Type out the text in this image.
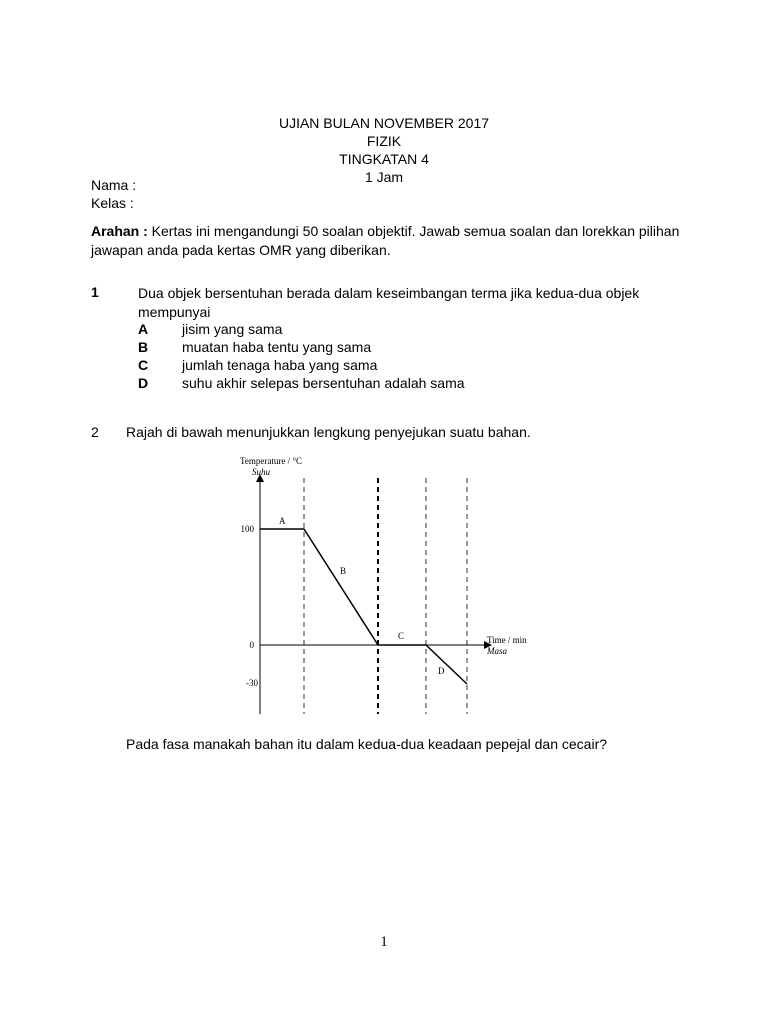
UJIAN BULAN NOVEMBER 2017
FIZIK
TINGKATAN 4
1 Jam
Nama :
Kelas :
Arahan : Kertas ini mengandungi 50 soalan objektif. Jawab semua soalan dan lorekkan pilihan jawapan anda pada kertas OMR yang diberikan.
1	Dua objek bersentuhan berada dalam keseimbangan terma jika kedua-dua objek mempunyai
A jisim yang sama
B muatan haba tentu yang sama
C jumlah tenaga haba yang sama
D suhu akhir selepas bersentuhan adalah sama
2 Rajah di bawah menunjukkan lengkung penyejukan suatu bahan.
Temperature / °C
Suhu
100
0
-30
Time / min
Masa
A
B
C
D
Pada fasa manakah bahan itu dalam kedua-dua keadaan pepejal dan cecair?
1
